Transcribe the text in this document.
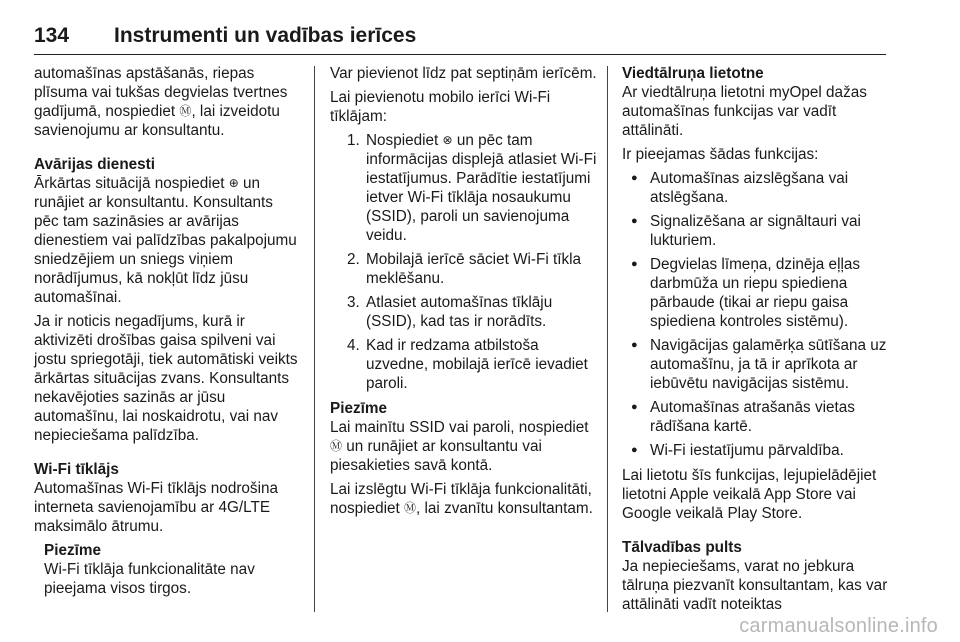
134 Instrumenti un vadības ierīces

automašīnas apstāšanās, riepas plīsuma vai tukšas degvielas tvertnes gadījumā, nospiediet Ⓜ, lai izveidotu savienojumu ar konsultantu.

Avārijas dienesti

Ārkārtas situācijā nospiediet ⊕ un runājiet ar konsultantu. Konsultants pēc tam sazināsies ar avārijas dienestiem vai palīdzības pakalpojumu sniedzējiem un sniegs viņiem norādījumus, kā nokļūt līdz jūsu automašīnai.

Ja ir noticis negadījums, kurā ir aktivizēti drošības gaisa spilveni vai jostu spriegotāji, tiek automātiski veikts ārkārtas situācijas zvans. Konsultants nekavējoties sazinās ar jūsu automašīnu, lai noskaidrotu, vai nav nepieciešama palīdzība.

Wi-Fi tīklājs

Automašīnas Wi-Fi tīklājs nodrošina interneta savienojamību ar 4G/LTE maksimālo ātrumu.

Piezīme

Wi-Fi tīklāja funkcionalitāte nav pieejama visos tirgos.

Var pievienot līdz pat septiņām ierīcēm.

Lai pievienotu mobilo ierīci Wi-Fi tīklājam:

1. Nospiediet ⊗ un pēc tam informācijas displejā atlasiet Wi-Fi iestatījumus. Parādītie iestatījumi ietver Wi-Fi tīklāja nosaukumu (SSID), paroli un savienojuma veidu.
2. Mobilajā ierīcē sāciet Wi-Fi tīkla meklēšanu.
3. Atlasiet automašīnas tīklāju (SSID), kad tas ir norādīts.
4. Kad ir redzama atbilstoša uzvedne, mobilajā ierīcē ievadiet paroli.

Piezīme

Lai mainītu SSID vai paroli, nospiediet Ⓜ un runājiet ar konsultantu vai piesakieties savā kontā.

Lai izslēgtu Wi-Fi tīklāja funkcionalitāti, nospiediet Ⓜ, lai zvanītu konsultantam.

Viedtālruņa lietotne

Ar viedtālruņa lietotni myOpel dažas automašīnas funkcijas var vadīt attālināti.

Ir pieejamas šādas funkcijas:

● Automašīnas aizslēgšana vai atslēgšana.
● Signalizēšana ar signāltauri vai lukturiem.
● Degvielas līmeņa, dzinēja eļļas darbmūža un riepu spiediena pārbaude (tikai ar riepu gaisa spiediena kontroles sistēmu).
● Navigācijas galamērķa sūtīšana uz automašīnu, ja tā ir aprīkota ar iebūvētu navigācijas sistēmu.
● Automašīnas atrašanās vietas rādīšana kartē.
● Wi-Fi iestatījumu pārvaldība.

Lai lietotu šīs funkcijas, lejupielādējiet lietotni Apple veikalā App Store vai Google veikalā Play Store.

Tālvadības pults

Ja nepieciešams, varat no jebkura tālruņa piezvanīt konsultantam, kas var attālināti vadīt noteiktas

carmanualsonline.info
